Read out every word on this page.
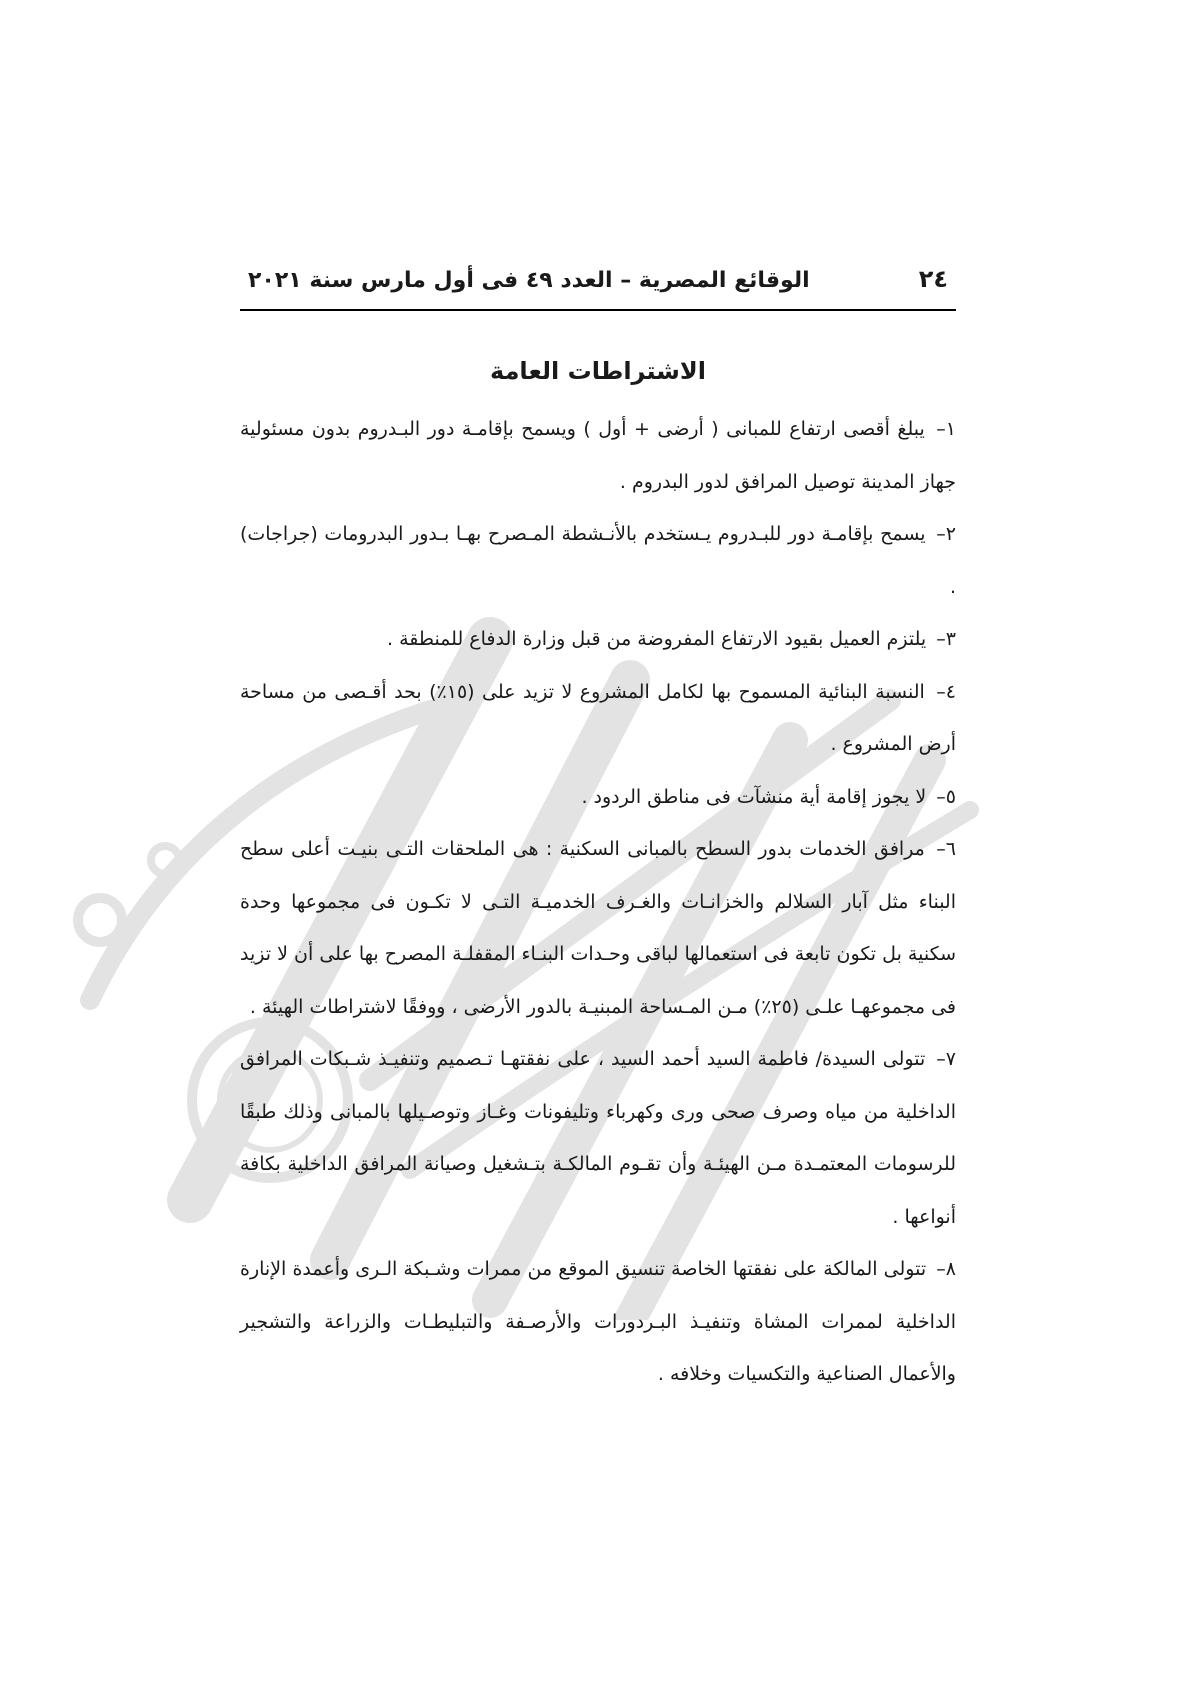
٢٤
الوقائع المصرية – العدد ٤٩ فى أول مارس سنة ٢٠٢١
الاشتراطات العامة

١– يبلغ أقصى ارتفاع للمبانى ( أرضى + أول ) ويسمح بإقامـة دور البـدروم بدون مسئولية جهاز المدينة توصيل المرافق لدور البدروم .

٢– يسمح بإقامـة دور للبـدروم يـستخدم بالأنـشطة المـصرح بهـا بـدور البدرومات (جراجات) .

٣– يلتزم العميل بقيود الارتفاع المفروضة من قبل وزارة الدفاع للمنطقة .

٤– النسبة البنائية المسموح بها لكامل المشروع لا تزيد على (١٥٪) بحد أقـصى من مساحة أرض المشروع .

٥– لا يجوز إقامة أية منشآت فى مناطق الردود .

٦– مرافق الخدمات بدور السطح بالمبانى السكنية : هى الملحقات التـى بنيـت أعلى سطح البناء مثل آبار السلالم والخزانـات والغـرف الخدميـة التـى لا تكـون فى مجموعها وحدة سكنية بل تكون تابعة فى استعمالها لباقى وحـدات البنـاء المقفلـة المصرح بها على أن لا تزيد فى مجموعهـا علـى (٢٥٪) مـن المـساحة المبنيـة بالدور الأرضى ، ووفقًا لاشتراطات الهيئة .

٧– تتولى السيدة/ فاطمة السيد أحمد السيد ، على نفقتهـا تـصميم وتنفيـذ شـبكات المرافق الداخلية من مياه وصرف صحى ورى وكهرباء وتليفونات وغـاز وتوصـيلها بالمبانى وذلك طبقًا للرسومات المعتمـدة مـن الهيئـة وأن تقـوم المالكـة بتـشغيل وصيانة المرافق الداخلية بكافة أنواعها .

٨– تتولى المالكة على نفقتها الخاصة تنسيق الموقع من ممرات وشـبكة الـرى وأعمدة الإنارة الداخلية لممرات المشاة وتنفيـذ البـردورات والأرصـفة والتبليطـات والزراعة والتشجير والأعمال الصناعية والتكسيات وخلافه .
